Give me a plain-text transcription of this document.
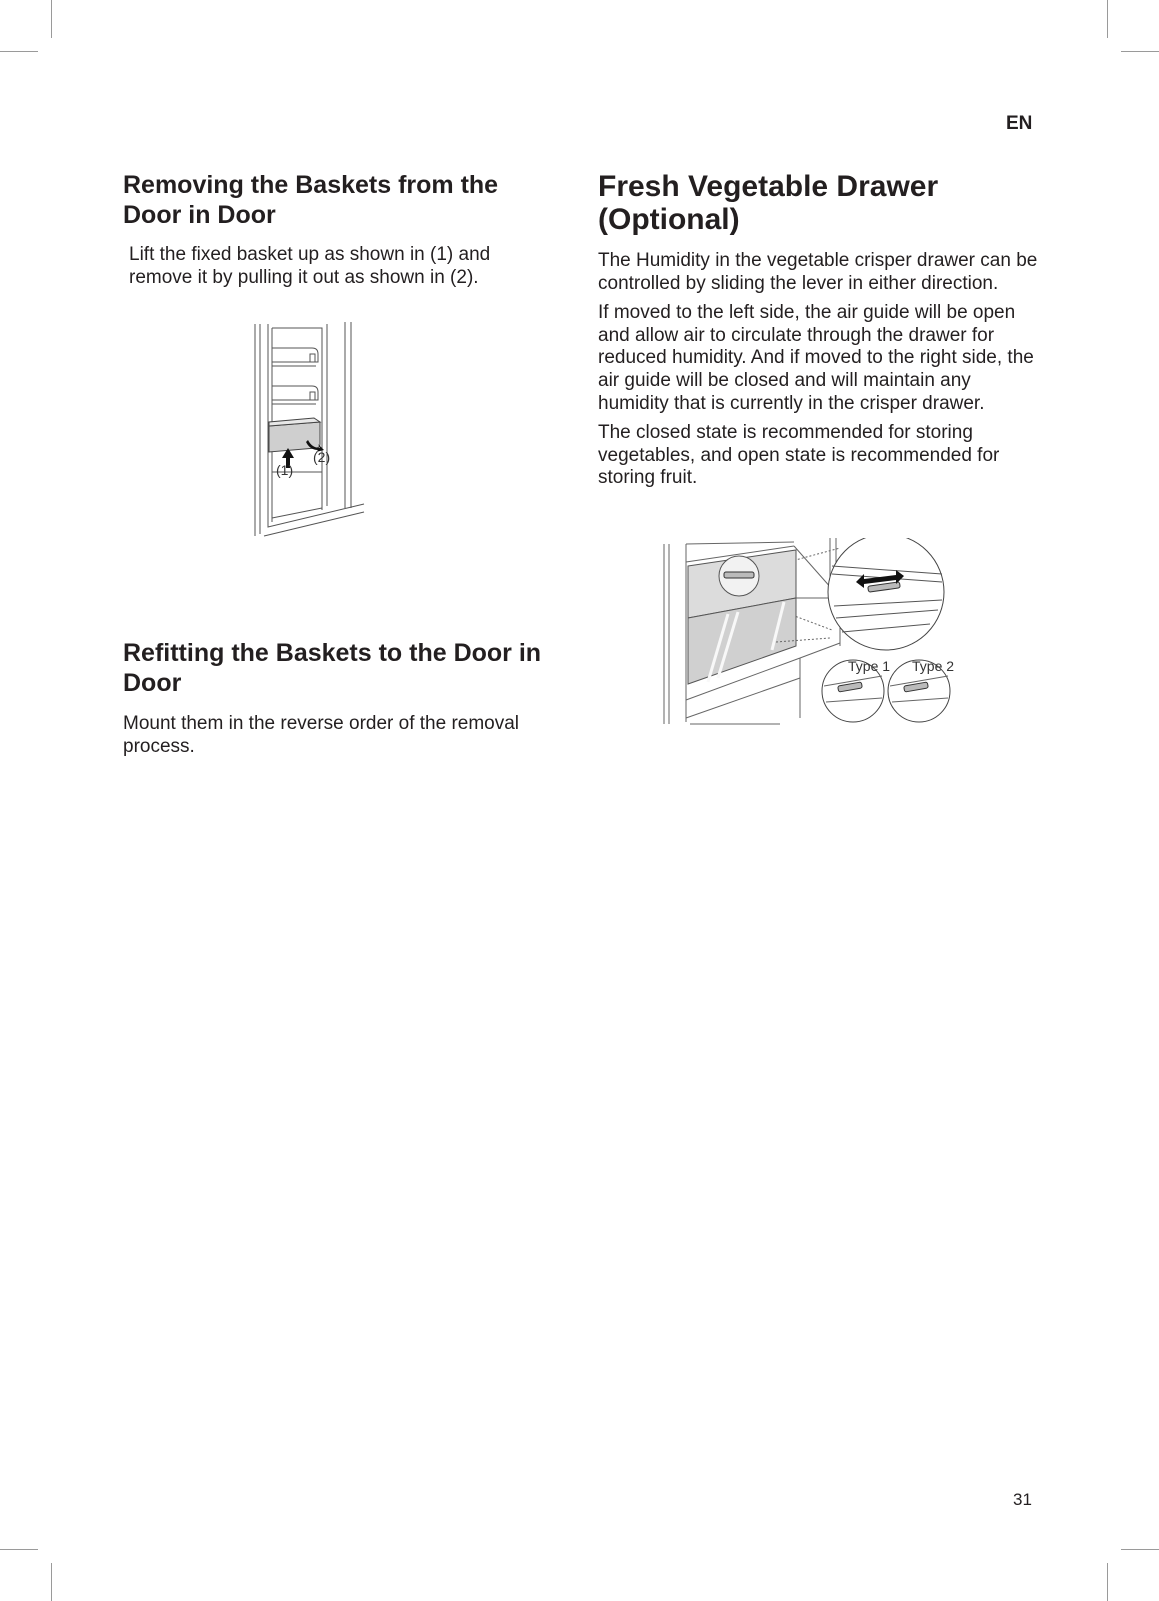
EN
Removing the Baskets from the Door in Door

Lift the fixed basket up as shown in (1) and remove it by pulling it out as shown in (2).

(1)
(2)
Refitting the Baskets to the Door in Door

Mount them in the reverse order of the removal process.

Fresh Vegetable Drawer (Optional)

The Humidity in the vegetable crisper drawer can be controlled by sliding the lever in either direction.

If moved to the left side, the air guide will be open and allow air to circulate through the drawer for reduced humidity. And if moved to the right side, the air guide will be closed and will maintain any humidity that is currently in the crisper drawer.

The closed state is recommended for storing vegetables, and open state is recommended for storing fruit.

Type 1 Type 2
31
